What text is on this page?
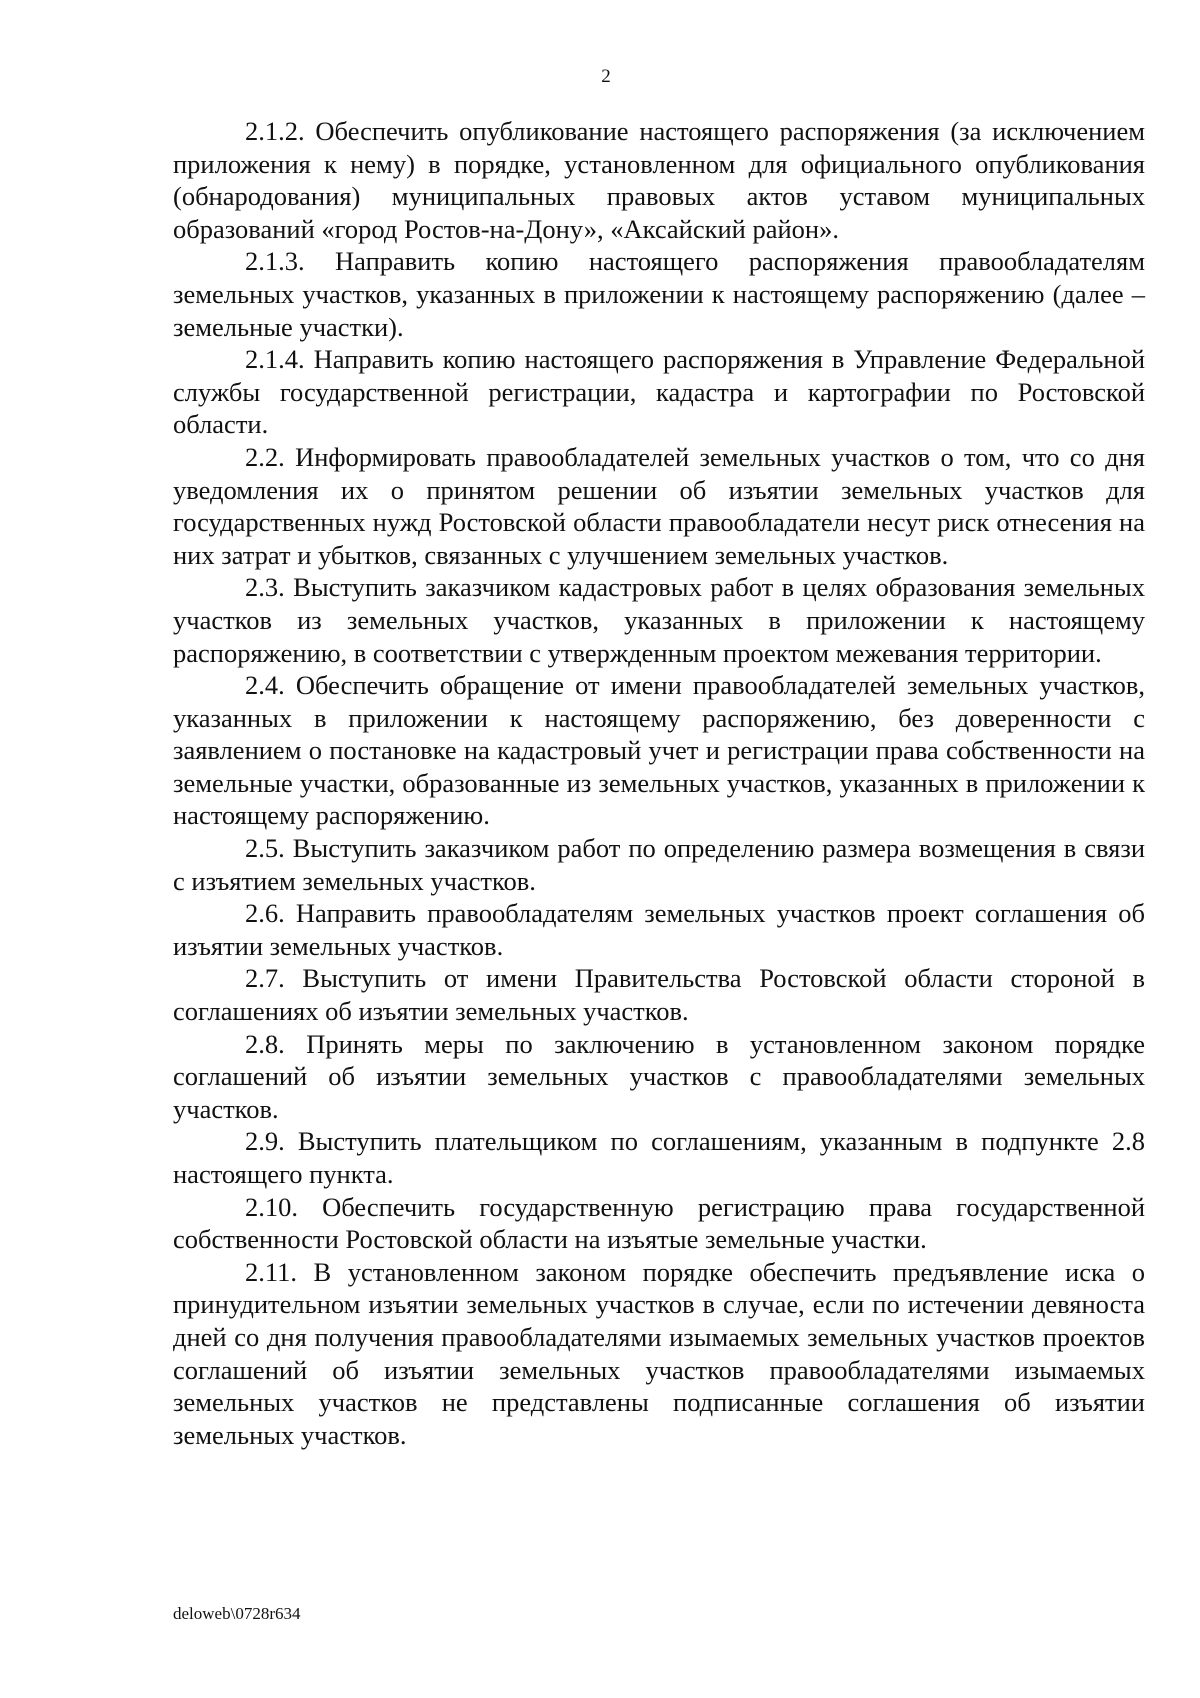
2

2.1.2. Обеспечить опубликование настоящего распоряжения (за исключением приложения к нему) в порядке, установленном для официального опубликования (обнародования) муниципальных правовых актов уставом муниципальных образований «город Ростов-на-Дону», «Аксайский район».

2.1.3. Направить копию настоящего распоряжения правообладателям земельных участков, указанных в приложении к настоящему распоряжению (далее – земельные участки).

2.1.4. Направить копию настоящего распоряжения в Управление Федеральной службы государственной регистрации, кадастра и картографии по Ростовской области.

2.2. Информировать правообладателей земельных участков о том, что со дня уведомления их о принятом решении об изъятии земельных участков для государственных нужд Ростовской области правообладатели несут риск отнесения на них затрат и убытков, связанных с улучшением земельных участков.

2.3. Выступить заказчиком кадастровых работ в целях образования земельных участков из земельных участков, указанных в приложении к настоящему распоряжению, в соответствии с утвержденным проектом межевания территории.

2.4. Обеспечить обращение от имени правообладателей земельных участков, указанных в приложении к настоящему распоряжению, без доверенности с заявлением о постановке на кадастровый учет и регистрации права собственности на земельные участки, образованные из земельных участков, указанных в приложении к настоящему распоряжению.

2.5. Выступить заказчиком работ по определению размера возмещения в связи с изъятием земельных участков.

2.6. Направить правообладателям земельных участков проект соглашения об изъятии земельных участков.

2.7. Выступить от имени Правительства Ростовской области стороной в соглашениях об изъятии земельных участков.

2.8. Принять меры по заключению в установленном законом порядке соглашений об изъятии земельных участков с правообладателями земельных участков.

2.9. Выступить плательщиком по соглашениям, указанным в подпункте 2.8 настоящего пункта.

2.10. Обеспечить государственную регистрацию права государственной собственности Ростовской области на изъятые земельные участки.

2.11. В установленном законом порядке обеспечить предъявление иска о принудительном изъятии земельных участков в случае, если по истечении девяноста дней со дня получения правообладателями изымаемых земельных участков проектов соглашений об изъятии земельных участков правообладателями изымаемых земельных участков не представлены подписанные соглашения об изъятии земельных участков.

deloweb\0728r634
